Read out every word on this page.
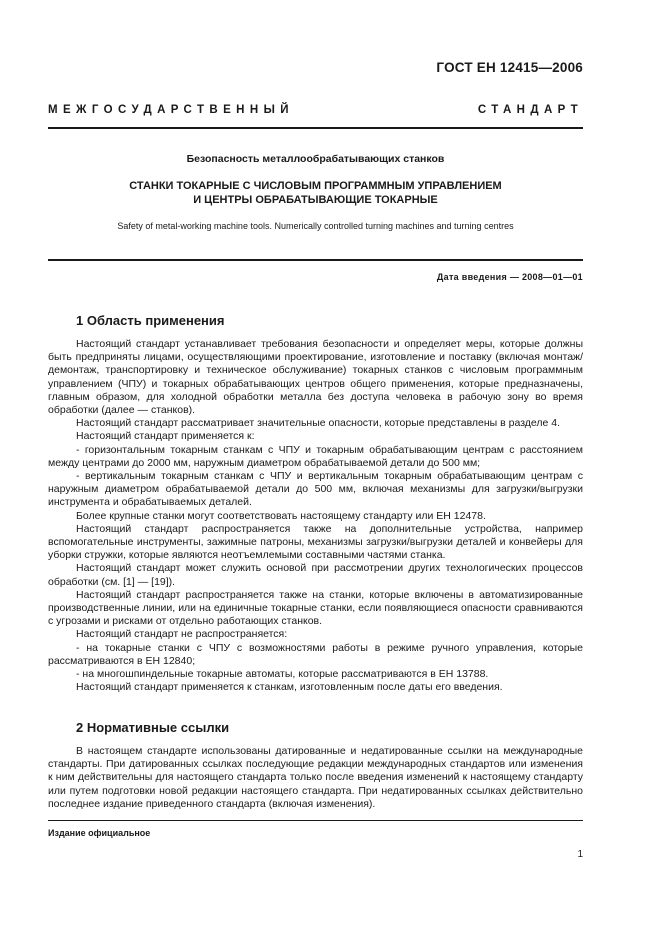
ГОСТ ЕН 12415—2006
МЕЖГОСУДАРСТВЕННЫЙ СТАНДАРТ
Безопасность металлообрабатывающих станков
СТАНКИ ТОКАРНЫЕ С ЧИСЛОВЫМ ПРОГРАММНЫМ УПРАВЛЕНИЕМ
И ЦЕНТРЫ ОБРАБАТЫВАЮЩИЕ ТОКАРНЫЕ
Safety of metal-working machine tools. Numerically controlled turning machines and turning centres
Дата введения — 2008—01—01
1 Область применения

Настоящий стандарт устанавливает требования безопасности и определяет меры, которые должны быть предприняты лицами, осуществляющими проектирование, изготовление и поставку (включая монтаж/демонтаж, транспортировку и техническое обслуживание) токарных станков с числовым программным управлением (ЧПУ) и токарных обрабатывающих центров общего применения, которые предназначены, главным образом, для холодной обработки металла без доступа человека в рабочую зону во время обработки (далее — станков).

Настоящий стандарт рассматривает значительные опасности, которые представлены в разделе 4.

Настоящий стандарт применяется к:

- горизонтальным токарным станкам с ЧПУ и токарным обрабатывающим центрам с расстоянием между центрами до 2000 мм, наружным диаметром обрабатываемой детали до 500 мм;

- вертикальным токарным станкам с ЧПУ и вертикальным токарным обрабатывающим центрам с наружным диаметром обрабатываемой детали до 500 мм, включая механизмы для загрузки/выгрузки инструмента и обрабатываемых деталей.

Более крупные станки могут соответствовать настоящему стандарту или ЕН 12478.

Настоящий стандарт распространяется также на дополнительные устройства, например вспомогательные инструменты, зажимные патроны, механизмы загрузки/выгрузки деталей и конвейеры для уборки стружки, которые являются неотъемлемыми составными частями станка.

Настоящий стандарт может служить основой при рассмотрении других технологических процессов обработки (см. [1] — [19]).

Настоящий стандарт распространяется также на станки, которые включены в автоматизированные производственные линии, или на единичные токарные станки, если появляющиеся опасности сравниваются с угрозами и рисками от отдельно работающих станков.

Настоящий стандарт не распространяется:

- на токарные станки с ЧПУ с возможностями работы в режиме ручного управления, которые рассматриваются в ЕН 12840;

- на многошпиндельные токарные автоматы, которые рассматриваются в ЕН 13788.

Настоящий стандарт применяется к станкам, изготовленным после даты его введения.

2 Нормативные ссылки

В настоящем стандарте использованы датированные и недатированные ссылки на международные стандарты. При датированных ссылках последующие редакции международных стандартов или изменения к ним действительны для настоящего стандарта только после введения изменений к настоящему стандарту или путем подготовки новой редакции настоящего стандарта. При недатированных ссылках действительно последнее издание приведенного стандарта (включая изменения).

Издание официальное
1
